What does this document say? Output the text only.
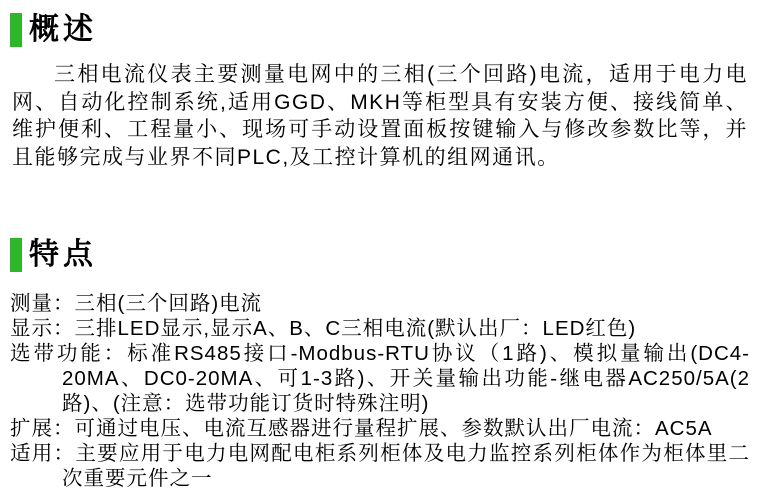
概述
三相电流仪表主要测量电网中的三相(三个回路)电流，适用于电力电网、自动化控制系统,适用GGD、MKH等柜型具有安装方便、接线简单、维护便利、工程量小、现场可手动设置面板按键输入与修改参数比等，并且能够完成与业界不同PLC,及工控计算机的组网通讯。
特点
测量：三相(三个回路)电流
显示：三排LED显示,显示A、B、C三相电流(默认出厂：LED红色)
选带功能：标准RS485接口-Modbus-RTU协议（1路)、模拟量输出(DC4-20MA、DC0-20MA、可1-3路)、开关量输出功能-继电器AC250/5A(2路)、(注意：选带功能订货时特殊注明)
扩展：可通过电压、电流互感器进行量程扩展、参数默认出厂电流：AC5A
适用：主要应用于电力电网配电柜系列柜体及电力监控系列柜体作为柜体里二次重要元件之一
